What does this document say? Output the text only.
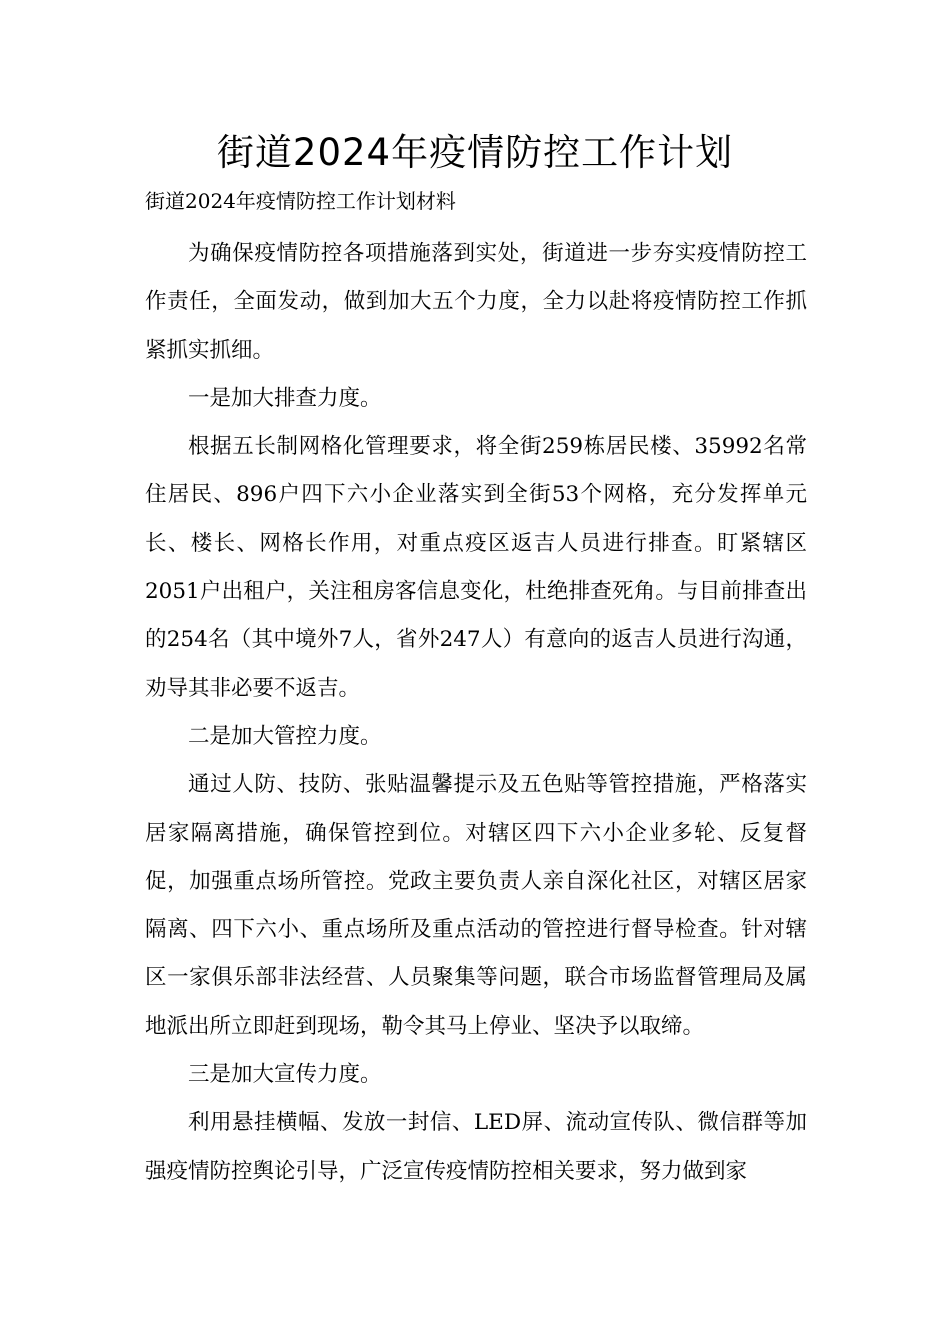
街道2024年疫情防控工作计划
街道2024年疫情防控工作计划材料

为确保疫情防控各项措施落到实处，街道进一步夯实疫情防控工作责任，全面发动，做到加大五个力度，全力以赴将疫情防控工作抓紧抓实抓细。

一是加大排查力度。

根据五长制网格化管理要求，将全街259栋居民楼、35992名常住居民、896户四下六小企业落实到全街53个网格，充分发挥单元长、楼长、网格长作用，对重点疫区返吉人员进行排查。盯紧辖区2051户出租户，关注租房客信息变化，杜绝排查死角。与目前排查出的254名（其中境外7人，省外247人）有意向的返吉人员进行沟通，劝导其非必要不返吉。

二是加大管控力度。

通过人防、技防、张贴温馨提示及五色贴等管控措施，严格落实居家隔离措施，确保管控到位。对辖区四下六小企业多轮、反复督促，加强重点场所管控。党政主要负责人亲自深化社区，对辖区居家隔离、四下六小、重点场所及重点活动的管控进行督导检查。针对辖区一家俱乐部非法经营、人员聚集等问题，联合市场监督管理局及属地派出所立即赶到现场，勒令其马上停业、坚决予以取缔。

三是加大宣传力度。

利用悬挂横幅、发放一封信、LED屏、流动宣传队、微信群等加强疫情防控舆论引导，广泛宣传疫情防控相关要求，努力做到家
